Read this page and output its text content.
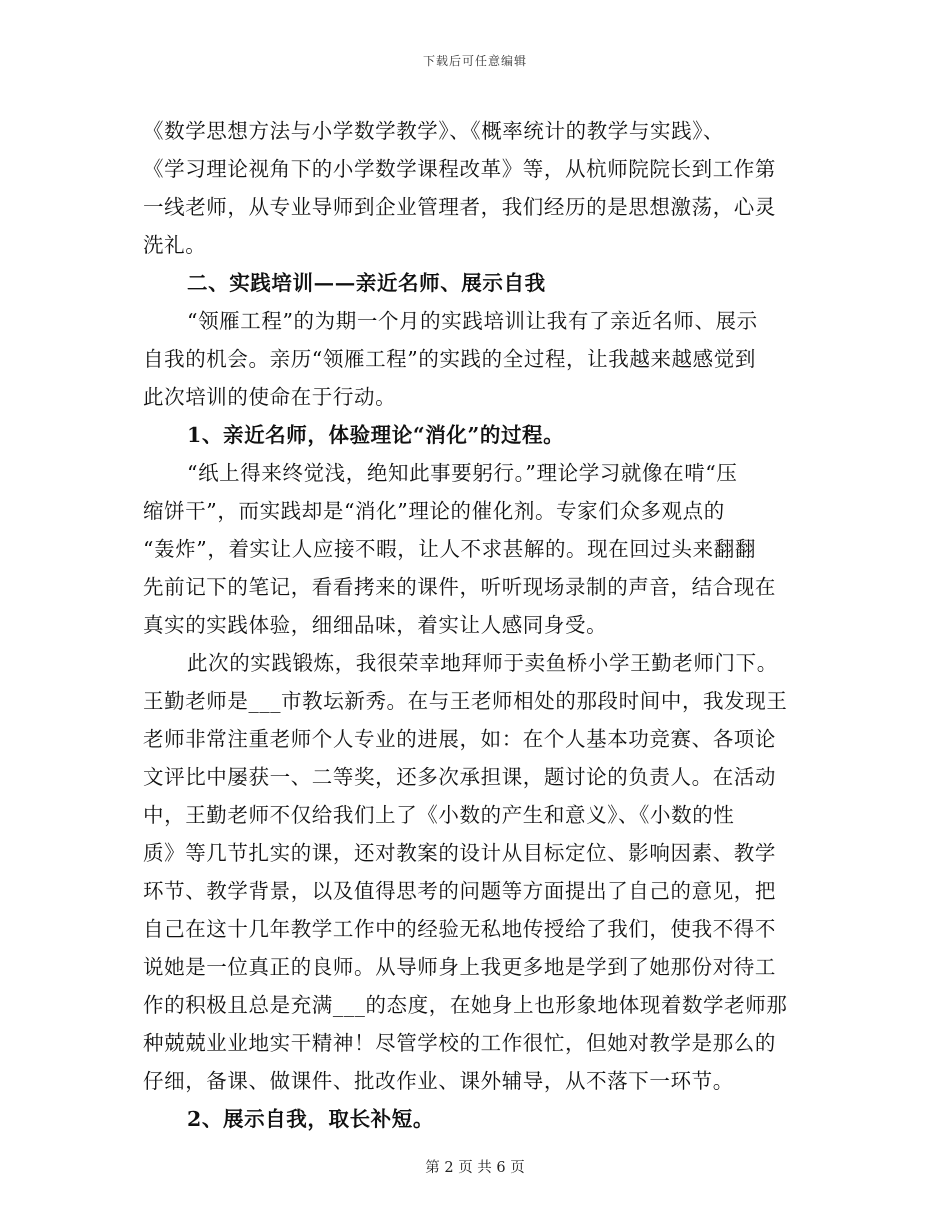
下载后可任意编辑
《数学思想方法与小学数学教学》、《概率统计的教学与实践》、
《学习理论视角下的小学数学课程改革》等，从杭师院院长到工作第
一线老师，从专业导师到企业管理者，我们经历的是思想激荡，心灵
洗礼。
二、实践培训——亲近名师、展示自我
“领雁工程”的为期一个月的实践培训让我有了亲近名师、展示
自我的机会。亲历“领雁工程”的实践的全过程，让我越来越感觉到
此次培训的使命在于行动。
1、亲近名师，体验理论“消化”的过程。
“纸上得来终觉浅，绝知此事要躬行。”理论学习就像在啃“压
缩饼干”，而实践却是“消化”理论的催化剂。专家们众多观点的
“轰炸”，着实让人应接不暇，让人不求甚解的。现在回过头来翻翻
先前记下的笔记，看看拷来的课件，听听现场录制的声音，结合现在
真实的实践体验，细细品味，着实让人感同身受。
此次的实践锻炼，我很荣幸地拜师于卖鱼桥小学王勤老师门下。
王勤老师是___市教坛新秀。在与王老师相处的那段时间中，我发现王
老师非常注重老师个人专业的进展，如：在个人基本功竞赛、各项论
文评比中屡获一、二等奖，还多次承担课，题讨论的负责人。在活动
中，王勤老师不仅给我们上了《小数的产生和意义》、《小数的性
质》等几节扎实的课，还对教案的设计从目标定位、影响因素、教学
环节、教学背景，以及值得思考的问题等方面提出了自己的意见，把
自己在这十几年教学工作中的经验无私地传授给了我们，使我不得不
说她是一位真正的良师。从导师身上我更多地是学到了她那份对待工
作的积极且总是充满___的态度，在她身上也形象地体现着数学老师那
种兢兢业业地实干精神！尽管学校的工作很忙，但她对教学是那么的
仔细，备课、做课件、批改作业、课外辅导，从不落下一环节。
2、展示自我，取长补短。
第 2 页 共 6 页
